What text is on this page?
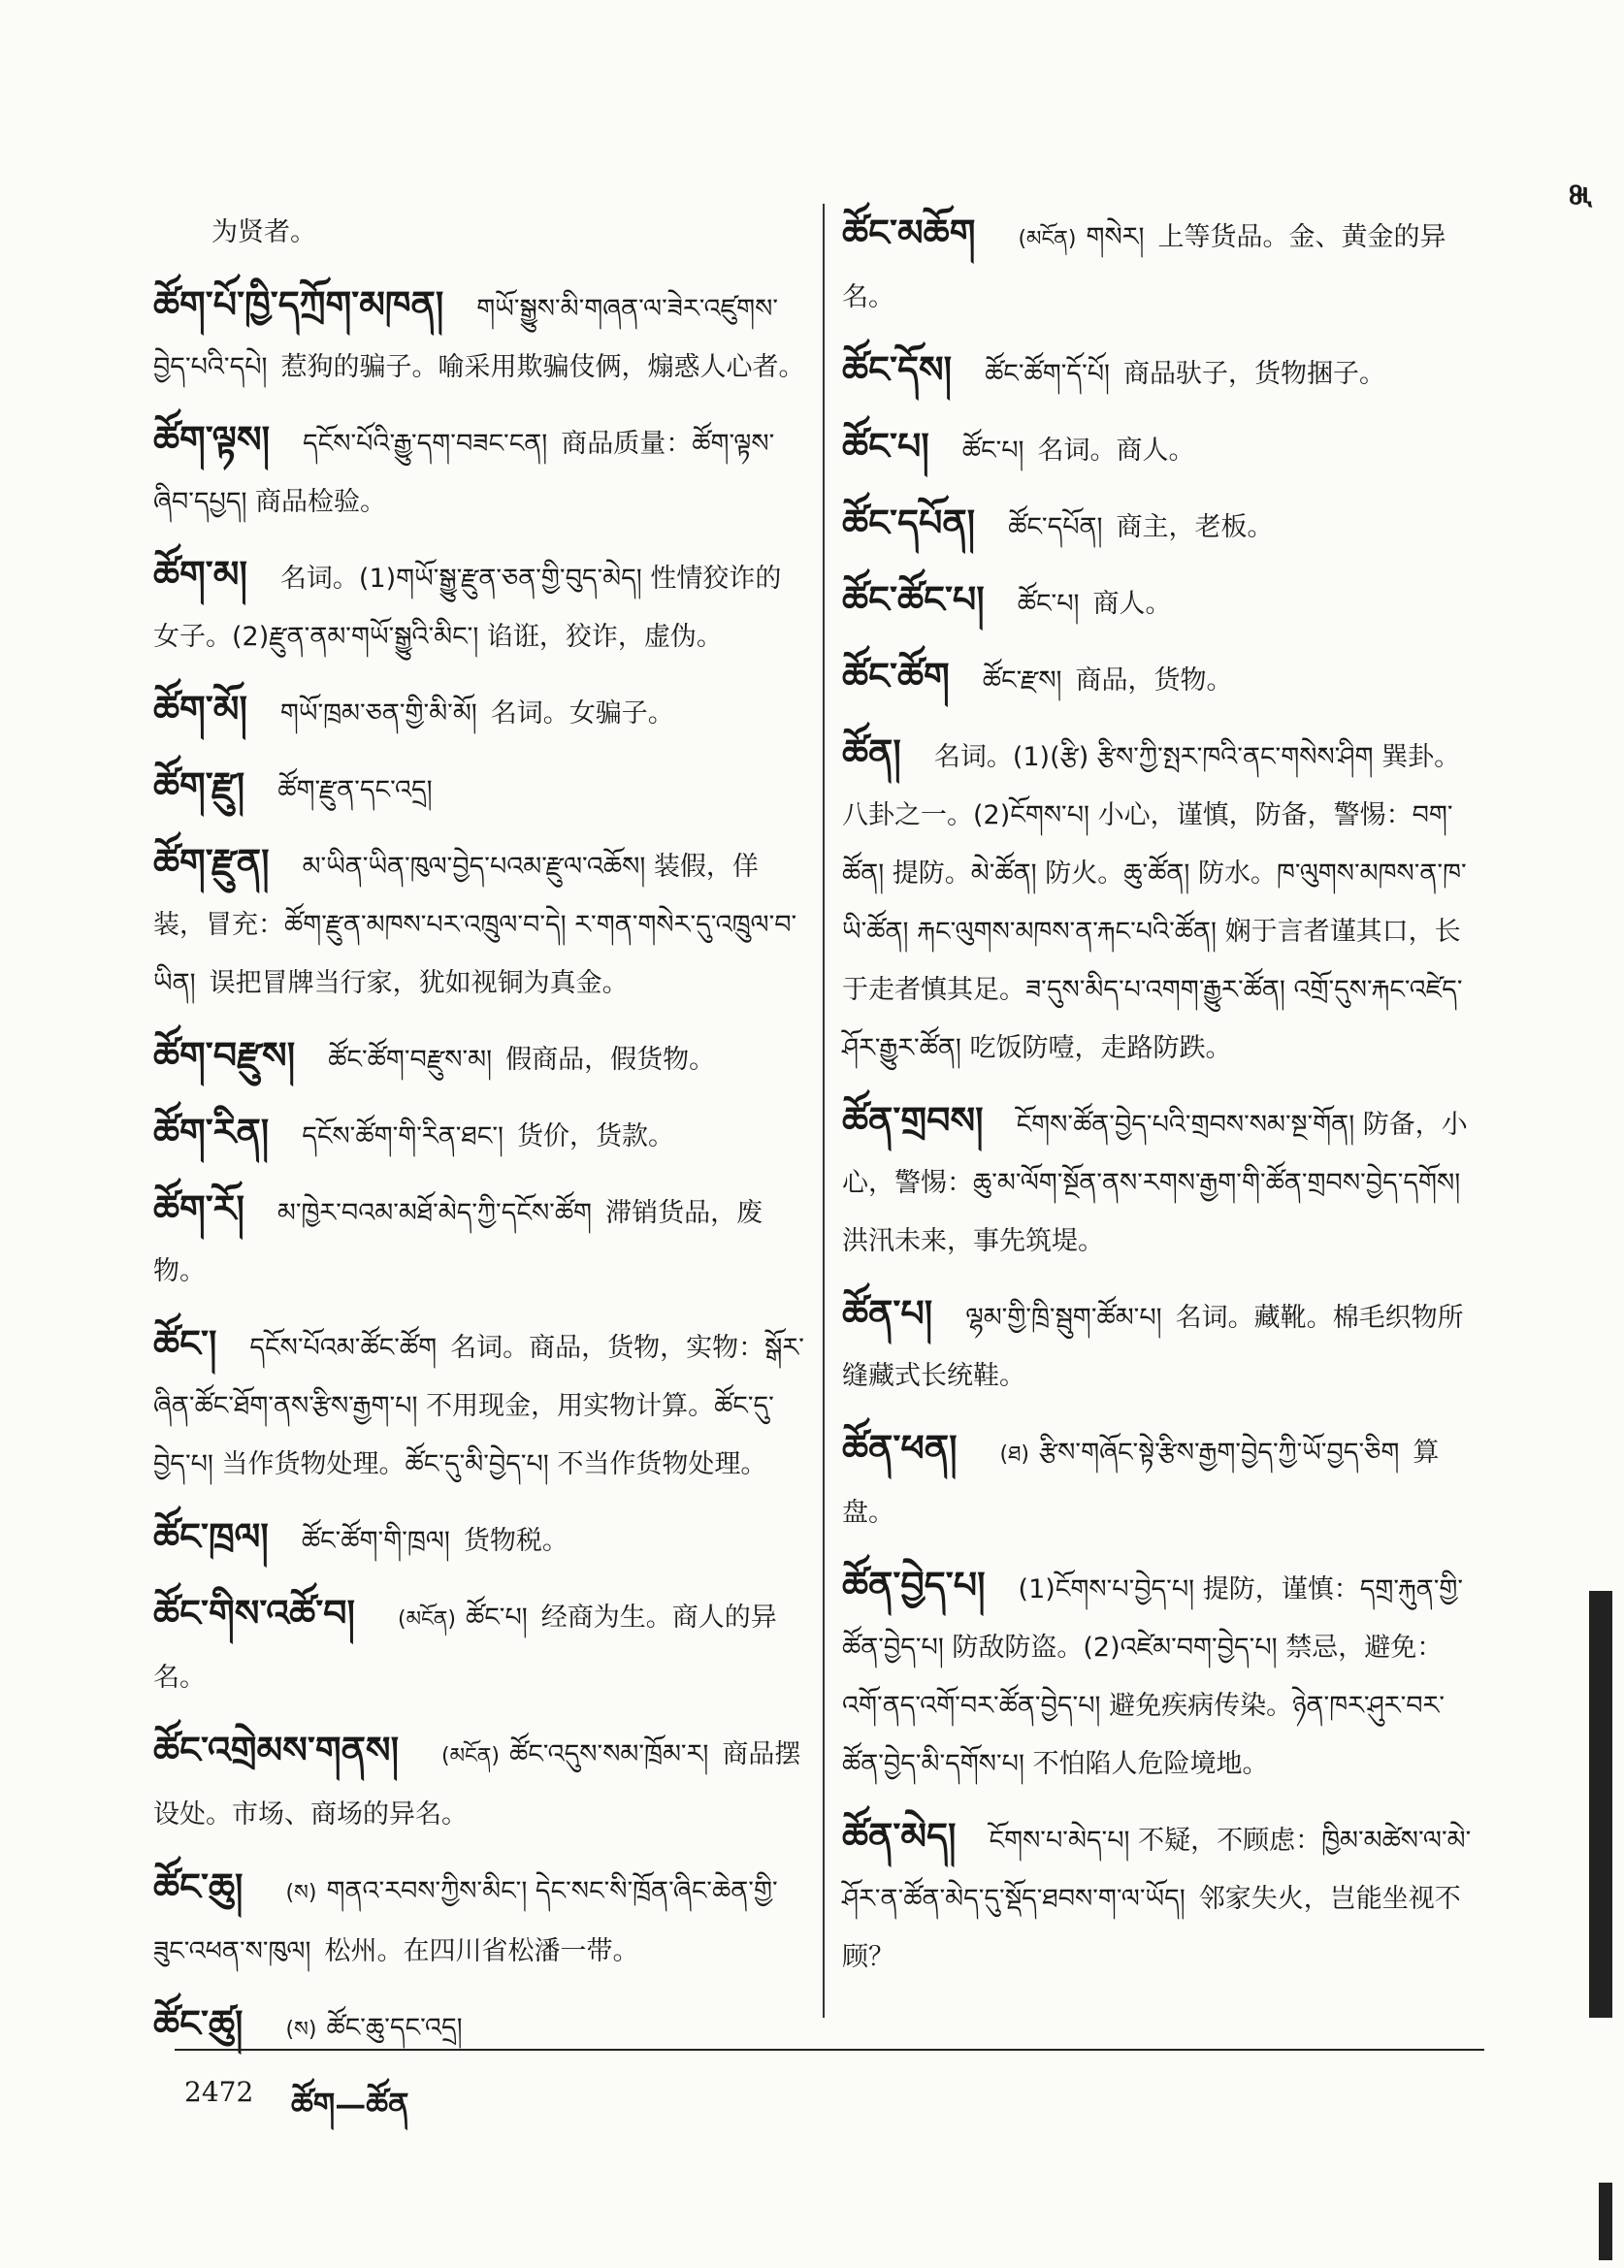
为贤者。
ཚོག་པོ་ཁྱི་དཀྲོག་མཁན། གཡོ་སྒྱུས་མི་གཞན་ལ་ཟེར་འཛུགས་བྱེད་པའི་དཔེ། 惹狗的骗子。喻采用欺骗伎俩，煽惑人心者。
ཚོག་ལྟས། དངོས་པོའི་རྒྱུ་དག་བཟང་ངན། 商品质量：ཚོག་ལྟས་ཞིབ་དཔྱད། 商品检验。
ཚོག་མ། 名词。(1)གཡོ་སྒྱུ་རྫུན་ཅན་གྱི་བུད་མེད། 性情狡诈的女子。(2)རྫུན་ནམ་གཡོ་སྒྱུའི་མིང་། 谄诳，狡诈，虚伪。
ཚོག་མོ། གཡོ་ཁྲམ་ཅན་གྱི་མི་མོ། 名词。女骗子。
ཚོག་རྫུ། ཚོག་རྫུན་དང་འདྲ།
ཚོག་རྫུན། མ་ཡིན་ཡིན་ཁུལ་བྱེད་པའམ་རྫུལ་འཆོས། 装假，佯装，冒充：ཚོག་རྫུན་མཁས་པར་འཁྲུལ་བ་དེ། ར་གན་གསེར་དུ་འཁྲུལ་བ་ཡིན། 误把冒牌当行家，犹如视铜为真金。
ཚོག་བརྫུས། ཚོང་ཚོག་བརྫུས་མ། 假商品，假货物。
ཚོག་རིན། དངོས་ཚོག་གི་རིན་ཐང་། 货价，货款。
ཚོག་རོ། མ་ཁྱེར་བའམ་མཐོ་མེད་ཀྱི་དངོས་ཚོག 滞销货品，废物。
ཚོང་། དངོས་པོའམ་ཚོང་ཚོག 名词。商品，货物，实物：སྒོར་ཞིན་ཚོང་ཐོག་ནས་རྩིས་རྒྱག་པ། 不用现金，用实物计算。ཚོང་དུ་བྱེད་པ། 当作货物处理。ཚོང་དུ་མི་བྱེད་པ། 不当作货物处理。
ཚོང་ཁྲལ། ཚོང་ཚོག་གི་ཁྲལ། 货物税。
ཚོང་གིས་འཚོ་བ། (མངོན) ཚོང་པ། 经商为生。商人的异名。
ཚོང་འགྲེམས་གནས། (མངོན) ཚོང་འདུས་སམ་ཁྲོམ་ར། 商品摆设处。市场、商场的异名。
ཚོང་ཆུ། (ས) གནའ་རབས་ཀྱིས་མིང་། དེང་སང་སི་ཁྲོན་ཞིང་ཆེན་གྱི་ཟུང་འཕན་ས་ཁུལ། 松州。在四川省松潘一带。
ཚོང་ཚུ། (ས) ཚོང་ཆུ་དང་འདྲ།
ཚོང་མཆོག (མངོན) གསེར། 上等货品。金、黄金的异名。
ཚོང་དོས། ཚོང་ཚོག་དོ་པོ། 商品驮子，货物捆子。
ཚོང་པ། ཚོང་པ། 名词。商人。
ཚོང་དཔོན། ཚོང་དཔོན། 商主，老板。
ཚོང་ཚོང་པ། ཚོང་པ། 商人。
ཚོང་ཚོག ཚོང་རྫས། 商品，货物。
ཚོན། 名词。(1)(རྩི) རྩིས་ཀྱི་སྤར་ཁའི་ནང་གསེས་ཤིག 巽卦。八卦之一。(2)ངོགས་པ། 小心，谨慎，防备，警惕：བག་ཚོན། 提防。མེ་ཚོན། 防火。ཆུ་ཚོན། 防水。ཁ་ལུགས་མཁས་ན་ཁ་ཡི་ཚོན། རྐང་ལུགས་མཁས་ན་རྐང་པའི་ཚོན། 娴于言者谨其口，长于走者慎其足。ཟ་དུས་མིད་པ་འགག་རྒྱུར་ཚོན། འགྲོ་དུས་རྐང་འཛེད་ཤོར་རྒྱུར་ཚོན། 吃饭防噎，走路防跌。
ཚོན་གྲབས། ངོགས་ཚོན་བྱེད་པའི་གྲབས་སམ་སྔ་གོན། 防备，小心，警惕：ཆུ་མ་ལོག་སྔོན་ནས་རགས་རྒྱག་གི་ཚོན་གྲབས་བྱེད་དགོས།洪汛未来，事先筑堤。
ཚོན་པ། ལྷམ་གྱི་ཁྲི་སྦུག་ཚོམ་པ། 名词。藏靴。棉毛织物所缝藏式长统鞋。
ཚོན་ཕན། (ཐ) རྩིས་གཞོང་སྟེ་རྩིས་རྒྱག་བྱེད་ཀྱི་ཡོ་བྱད་ཅིག 算盘。
ཚོན་བྱེད་པ། (1)ངོགས་པ་བྱེད་པ། 提防，谨慎：དགྲ་རྐུན་གྱི་ཚོན་བྱེད་པ། 防敌防盗。(2)འཛེམ་བག་བྱེད་པ། 禁忌，避免：འགོ་ནད་འགོ་བར་ཚོན་བྱེད་པ། 避免疾病传染。ཉེན་ཁར་ཤུར་བར་ཚོན་བྱེད་མི་དགོས་པ། 不怕陷人危险境地。
ཚོན་མེད། ངོགས་པ་མེད་པ། 不疑，不顾虑：ཁྱིམ་མཚེས་ལ་མེ་ཤོར་ན་ཚོན་མེད་དུ་སྡོད་ཐབས་ག་ལ་ཡོད། 邻家失火，岂能坐视不顾？
2472 ཚོག—ཚོན
ཚ
